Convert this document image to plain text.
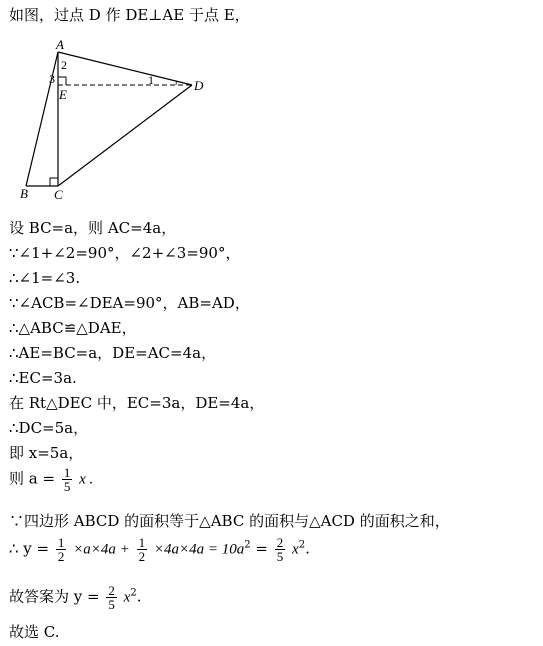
如图，过点 D 作 DE⊥AE 于点 E，
A
B C
D
E
1
2
3
设 BC=a，则 AC=4a，
∵∠1+∠2=90°，∠2+∠3=90°，
∴∠1=∠3.
∵∠ACB=∠DEA=90°，AB=AD，
∴△ABC≌△DAE，
∴AE=BC=a，DE=AC=4a，
∴EC=3a.
在 Rt△DEC 中，EC=3a，DE=4a，
∴DC=5a，
即 x=5a，
则 $a = \frac{1}{5}$ x .
∵四边形 ABCD 的面积等于△ABC 的面积与△ACD 的面积之和，
∴ $y = \frac{1}{2} \times a\times 4a + \frac{1}{2} \times 4a\times 4a = 10a^2 = \frac{2}{5} x^2$.
故答案为 $y = \frac{2}{5} x^2$.
故选 C.
